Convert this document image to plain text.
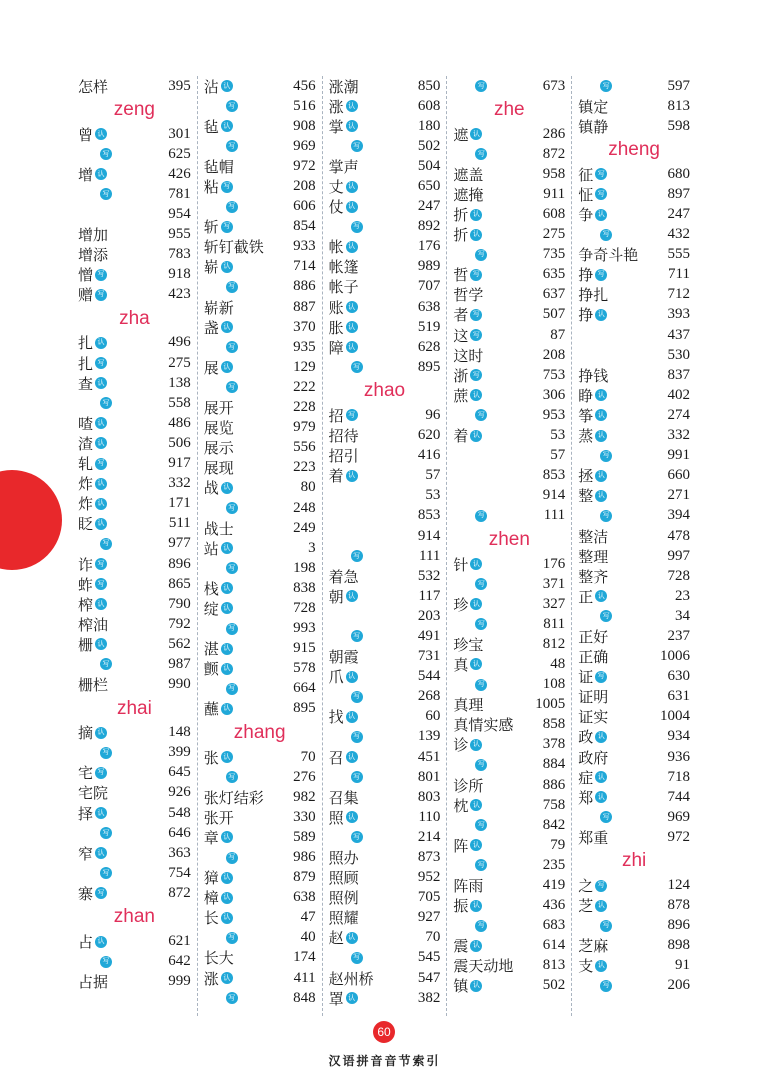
怎样	395
zeng
曾 认	301
写	625
增 认	426
写	781
954
增加	955
增添	783
憎 写	918
赠 写	423
zha
扎 认	496
扎 写	275
查 认	138
写	558
喳 认	486
渣 认	506
轧 写	917
炸 认	332
炸 认	171
眨 认	511
写	977
诈 写	896
蚱 写	865
榨 认	790
榨油	792
栅 认	562
写	987
栅栏	990
zhai
摘 认	148
写	399
宅 写	645
宅院	926
择 认	548
写	646
窄 认	363
写	754
寨 写	872
zhan
占 认	621
写	642
占据	999
沾 认	456
写	516
毡 认	908
写	969
毡帽	972
粘 写	208
写	606
斩 写	854
斩钉截铁 933
崭 认	714
写	886
崭新	887
盏 认	370
写	935
展 认	129
写	222
展开	228
展览	979
展示	556
展现	223
战 认	80
写	248
战士	249
站 认	3
写	198
栈 认	838
绽 认	728
写	993
湛 认	915
颤 认	578
写	664
蘸 认	895
zhang
张 认	70
写	276
张灯结彩 982
张开	330
章 认	589
写	986
獐 认	879
樟 认	638
长 认	47
写	40
长大	174
涨 认	411
写	848
涨潮	850
涨 认	608
掌 认	180
写	502
掌声	504
丈 认	650
仗 认	247
写	892
帐 认	176
帐篷	989
帐子	707
账 认	638
胀 认	519
障 认	628
写	895
zhao
招 写	96
招待	620
招引	416
着 认	57
53
853
914
写	111
着急	532
朝 认	117
203
写	491
朝霞	731
爪 认	544
写	268
找 认	60
写	139
召 认	451
写	801
召集	803
照 认	110
写	214
照办	873
照顾	952
照例	705
照耀	927
赵 认	70
写	545
赵州桥	547
罩 认	382
写	673
zhe
遮 认	286
写	872
遮盖	958
遮掩	911
折 认	608
折 认	275
写	735
哲 写	635
哲学	637
者 写	507
这 写	87
这时	208
浙 写	753
蔗 认	306
写	953
着 认	53
57
853
914
写	111
zhen
针 认	176
写	371
珍 认	327
写	811
珍宝	812
真 认	48
写	108
真理	1005
真情实感 858
诊 认	378
写	884
诊所	886
枕 认	758
写	842
阵 认	79
写	235
阵雨	419
振 认	436
写	683
震 认	614
震天动地 813
镇 认	502
写	597
镇定	813
镇静	598
zheng
征 写	680
怔 写	897
争 认	247
写	432
争奇斗艳 555
挣 写	711
挣扎	712
挣 认	393
437
530
挣钱	837
睁 认	402
筝 认	274
蒸 认	332
写	991
拯 认	660
整 认	271
写	394
整洁	478
整理	997
整齐	728
正 认	23
写	34
正好	237
正确	1006
证 写	630
证明	631
证实	1004
政 认	934
政府	936
症 认	718
郑 认	744
写	969
郑重	972
zhi
之 写	124
芝 认	878
写	896
芝麻	898
支 认	91
写	206
60
汉语拼音音节索引
